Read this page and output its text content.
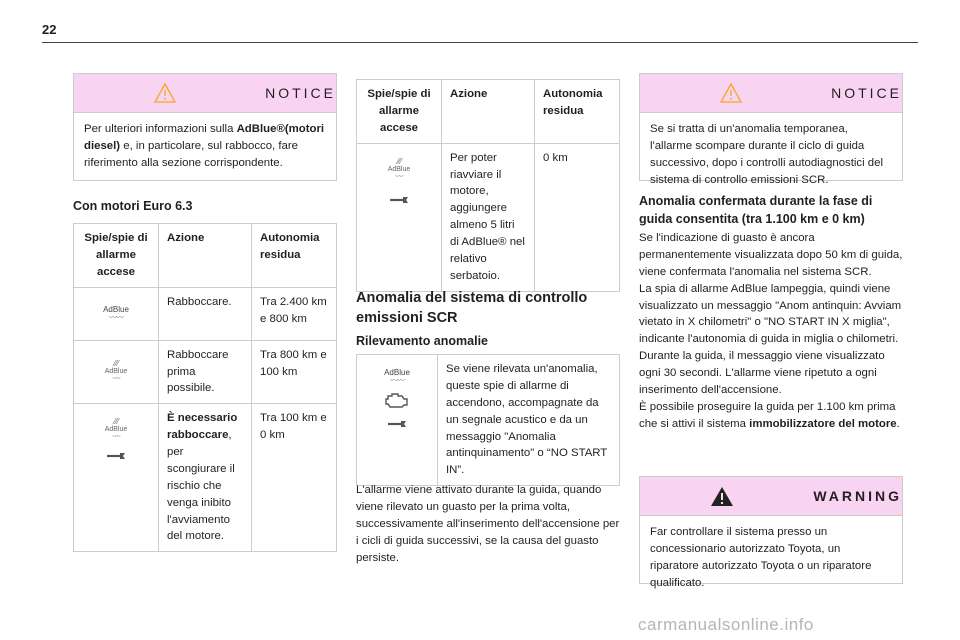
22
NOTICE
Per ulteriori informazioni sulla AdBlue®(motori diesel) e, in particolare, sul rabbocco, fare riferimento alla sezione corrispondente.
Con motori Euro 6.3
Spie/spie di allarme accese	Azione	Autonomia residua

AdBlue
〰〰	Rabboccare.	Tra 2.400 km e 800 km

⁄ ⁄ ⁄
AdBlue
〰	Rabboccare prima possibile.	Tra 800 km e 100 km

⁄ ⁄ ⁄
AdBlue
〰	È necessario rabboccare, per scongiurare il rischio che venga inibito l'avviamento del motore.	Tra 100 km e 0 km
Spie/spie di allarme accese	Azione	Autonomia residua

⁄ ⁄ ⁄
AdBlue
〰	Per poter riavviare il motore, aggiungere almeno 5 litri di AdBlue® nel relativo serbatoio.	0 km
Anomalia del sistema di controllo emissioni SCR
Rilevamento anomalie
AdBlue
〰〰
	Se viene rilevata un'anomalia, queste spie di allarme di accendono, accompagnate da un segnale acustico e da un messaggio "Anomalia antinquinamento" o “NO START IN”.

L'allarme viene attivato durante la guida, quando viene rilevato un guasto per la prima volta, successivamente all'inserimento dell'accensione per i cicli di guida successivi, se la causa del guasto persiste.

NOTICE
Se si tratta di un'anomalia temporanea, l'allarme scompare durante il ciclo di guida successivo, dopo i controlli autodiagnostici del sistema di controllo emissioni SCR.
Anomalia confermata durante la fase di guida consentita (tra 1.100 km e 0 km)

Se l'indicazione di guasto è ancora permanentemente visualizzata dopo 50 km di guida, viene confermata l'anomalia nel sistema SCR.
La spia di allarme AdBlue lampeggia, quindi viene visualizzato un messaggio "Anom antinquin: Avviam vietato in X chilometri" o "NO START IN X miglia", indicante l'autonomia di guida in miglia o chilometri.
Durante la guida, il messaggio viene visualizzato ogni 30 secondi. L'allarme viene ripetuto a ogni inserimento dell'accensione.
È possibile proseguire la guida per 1.100 km prima che si attivi il sistema immobilizzatore del motore.

WARNING
Far controllare il sistema presso un concessionario autorizzato Toyota, un riparatore autorizzato Toyota o un riparatore qualificato.
carmanualsonline.info
